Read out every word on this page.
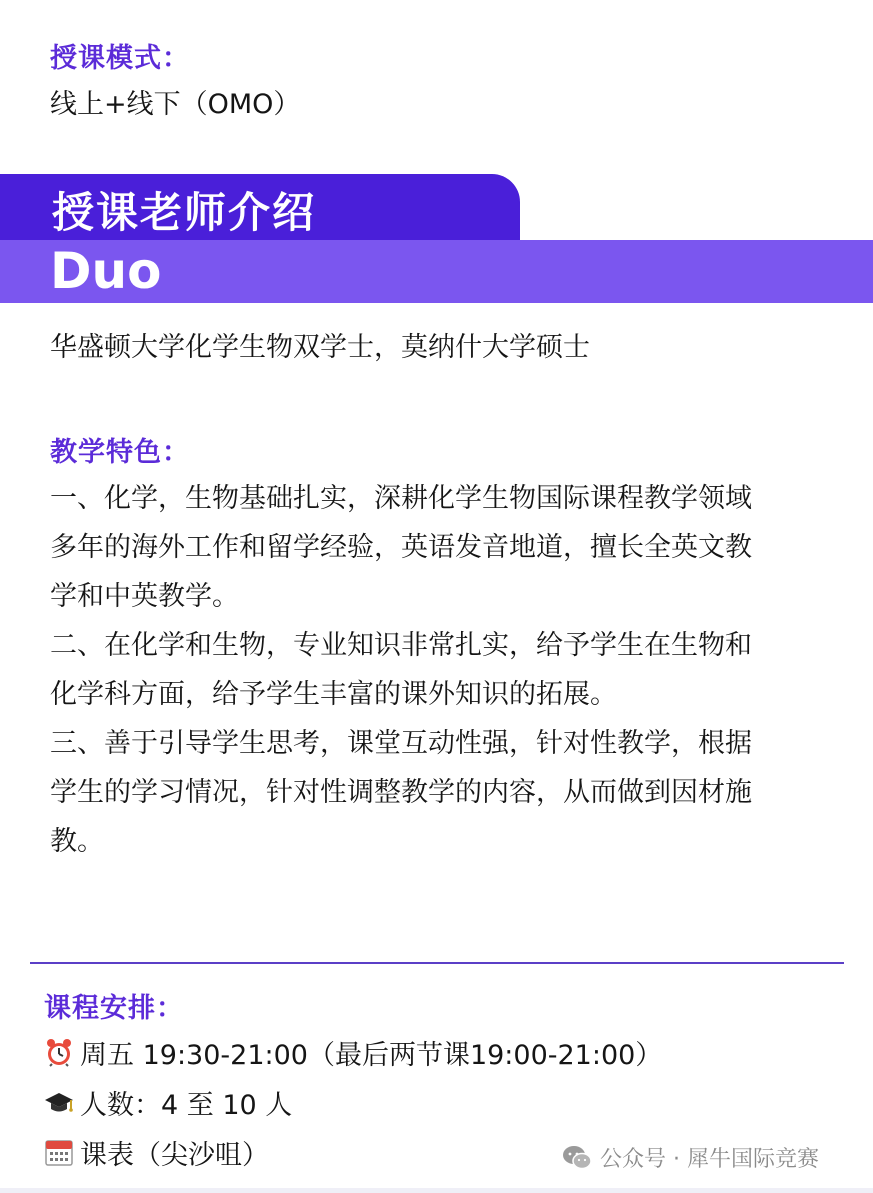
授课模式：
线上+线下（OMO）
授课老师介绍
Duo
华盛顿大学化学生物双学士，莫纳什大学硕士
教学特色：
一、化学，生物基础扎实，深耕化学生物国际课程教学领域
多年的海外工作和留学经验，英语发音地道，擅长全英文教
学和中英教学。
二、在化学和生物，专业知识非常扎实，给予学生在生物和
化学科方面，给予学生丰富的课外知识的拓展。
三、善于引导学生思考，课堂互动性强，针对性教学，根据
学生的学习情况，针对性调整教学的内容，从而做到因材施
教。
课程安排：
周五 19:30-21:00（最后两节课19:00-21:00）
人数：4 至 10 人
课表（尖沙咀）	公众号 · 犀牛国际竞赛
